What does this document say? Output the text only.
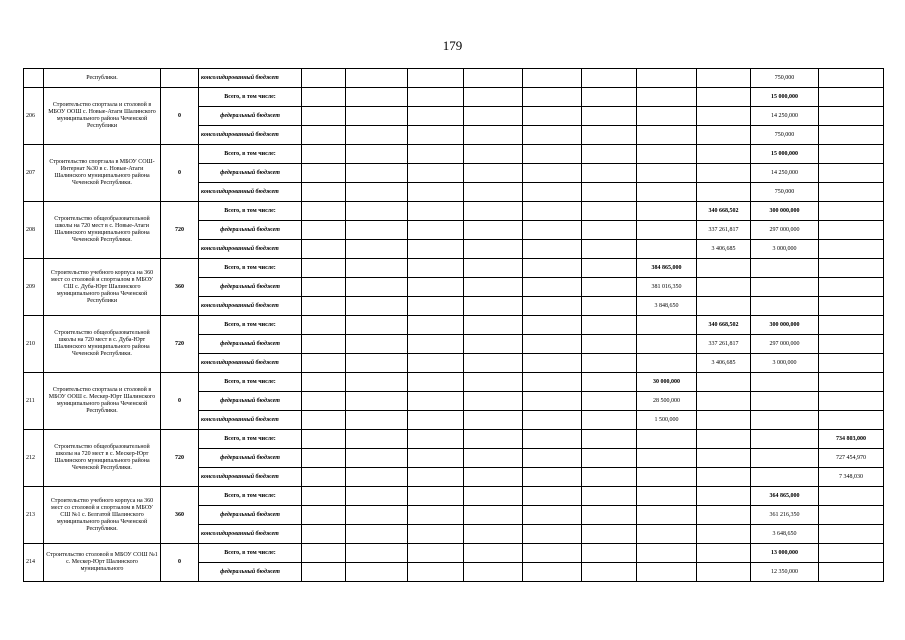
179
	Республики.		консолидированный бюджет									750,000	
206	Строительство спортзала и столовой в МБОУ ООШ с. Новые-Атаги Шалинского муниципального района Чеченской Республики	0	Всего, в том числе:									15 000,000	
			федеральный бюджет									14 250,000	
			консолидированный бюджет									750,000	
207	Строительство спортзала в МБОУ СОШ-Интернат №30 в с. Новые-Атаги Шалинского муниципального района Чеченской Республики.	0	Всего, в том числе:									15 000,000	
			федеральный бюджет									14 250,000	
			консолидированный бюджет									750,000	
208	Строительство общеобразовательной школы на 720 мест в с. Новые-Атаги Шалинского муниципального района Чеченской Республики.	720	Всего, в том числе:								340 668,502	300 000,000	
			федеральный бюджет								337 261,817	297 000,000	
			консолидированный бюджет								3 406,685	3 000,000	
209	Строительство учебного корпуса на 360 мест со столовой и спортзалом в МБОУ СШ с. Дуба-Юрт Шалинского муниципального района Чеченской Республики	360	Всего, в том числе:							384 865,000			
			федеральный бюджет							381 016,350			
			консолидированный бюджет							3 848,650			
210	Строительство общеобразовательной школы на 720 мест в с. Дуба-Юрт Шалинского муниципального района Чеченской Республики.	720	Всего, в том числе:								340 668,502	300 000,000	
			федеральный бюджет								337 261,817	297 000,000	
			консолидированный бюджет								3 406,685	3 000,000	
211	Строительство спортзала и столовой в МБОУ ООШ с. Мескер-Юрт Шалинского муниципального района Чеченской Республики.	0	Всего, в том числе:							30 000,000			
			федеральный бюджет							28 500,000			
			консолидированный бюджет							1 500,000			
212	Строительство общеобразовательной школы на 720 мест в с. Мескер-Юрт Шалинского муниципального района Чеченской Республики.	720	Всего, в том числе:										734 803,000
			федеральный бюджет										727 454,970
			консолидированный бюджет										7 348,030
213	Строительство учебного корпуса на 360 мест со столовой и спортзалом в МБОУ СШ №1 с. Белгатой Шалинского муниципального района Чеченской Республики.	360	Всего, в том числе:									364 865,000	
			федеральный бюджет									361 216,350	
			консолидированный бюджет									3 648,650	
214	Строительство столовой в МБОУ СОШ №1 с. Мескер-Юрт Шалинского муниципального	0	Всего, в том числе:									13 000,000	
			федеральный бюджет									12 350,000	
